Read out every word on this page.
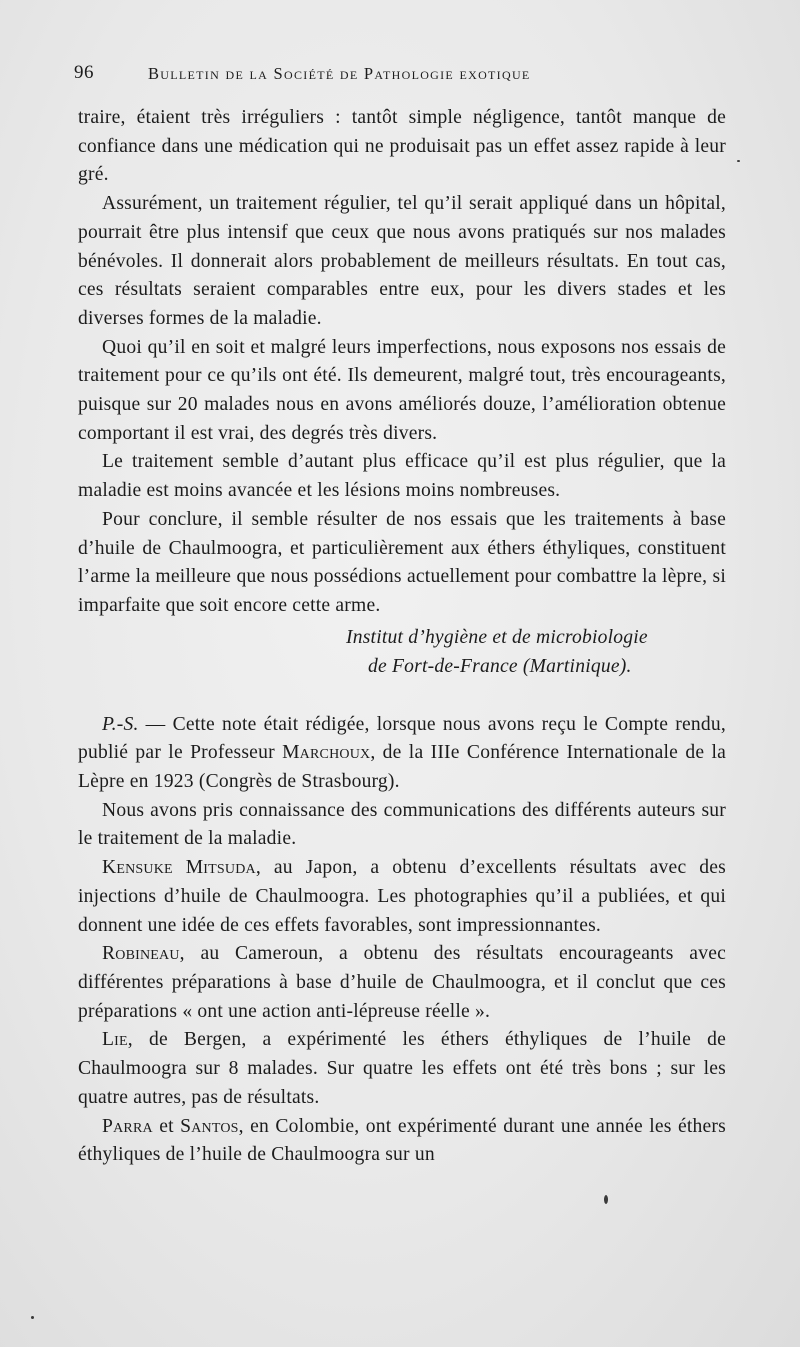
96	Bulletin de la Société de Pathologie exotique

traire, étaient très irréguliers : tantôt simple négligence, tantôt manque de confiance dans une médication qui ne produisait pas un effet assez rapide à leur gré.

Assurément, un traitement régulier, tel qu’il serait appliqué dans un hôpital, pourrait être plus intensif que ceux que nous avons pratiqués sur nos malades bénévoles. Il donnerait alors probablement de meilleurs résultats. En tout cas, ces résultats seraient comparables entre eux, pour les divers stades et les diverses formes de la maladie.

Quoi qu’il en soit et malgré leurs imperfections, nous exposons nos essais de traitement pour ce qu’ils ont été. Ils demeurent, malgré tout, très encourageants, puisque sur 20 malades nous en avons améliorés douze, l’amélioration obtenue comportant il est vrai, des degrés très divers.

Le traitement semble d’autant plus efficace qu’il est plus régulier, que la maladie est moins avancée et les lésions moins nombreuses.

Pour conclure, il semble résulter de nos essais que les traitements à base d’huile de Chaulmoogra, et particulièrement aux éthers éthyliques, constituent l’arme la meilleure que nous possédions actuellement pour combattre la lèpre, si imparfaite que soit encore cette arme.

Institut d’hygiène et de microbiologie
de Fort-de-France (Martinique).

P.-S. — Cette note était rédigée, lorsque nous avons reçu le Compte rendu, publié par le Professeur Marchoux, de la IIIe Conférence Internationale de la Lèpre en 1923 (Congrès de Strasbourg).

Nous avons pris connaissance des communications des différents auteurs sur le traitement de la maladie.

Kensuke Mitsuda, au Japon, a obtenu d’excellents résultats avec des injections d’huile de Chaulmoogra. Les photographies qu’il a publiées, et qui donnent une idée de ces effets favorables, sont impressionnantes.

Robineau, au Cameroun, a obtenu des résultats encourageants avec différentes préparations à base d’huile de Chaulmoogra, et il conclut que ces préparations « ont une action anti-lépreuse réelle ».

Lie, de Bergen, a expérimenté les éthers éthyliques de l’huile de Chaulmoogra sur 8 malades. Sur quatre les effets ont été très bons ; sur les quatre autres, pas de résultats.

Parra et Santos, en Colombie, ont expérimenté durant une année les éthers éthyliques de l’huile de Chaulmoogra sur un
